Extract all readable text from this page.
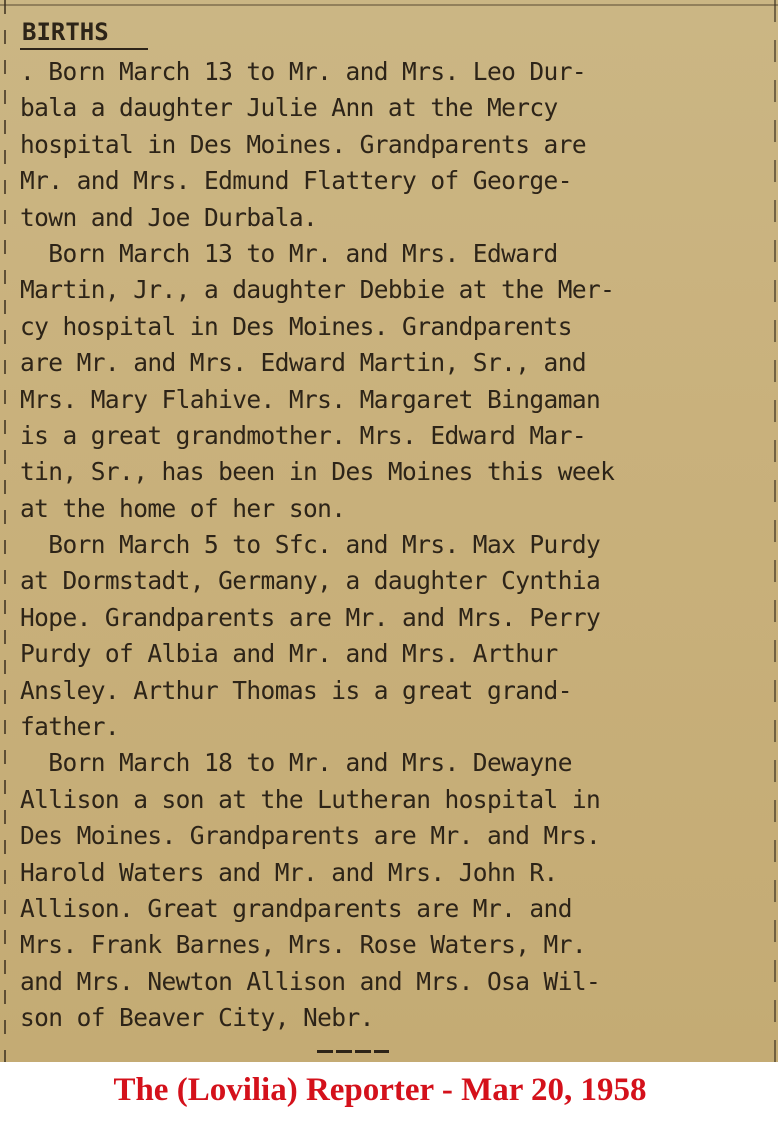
BIRTHS
. Born March 13 to Mr. and Mrs. Leo Dur-
bala a daughter Julie Ann at the Mercy
hospital in Des Moines. Grandparents are
Mr. and Mrs. Edmund Flattery of George-
town and Joe Durbala.
Born March 13 to Mr. and Mrs. Edward
Martin, Jr., a daughter Debbie at the Mer-
cy hospital in Des Moines. Grandparents
are Mr. and Mrs. Edward Martin, Sr., and
Mrs. Mary Flahive. Mrs. Margaret Bingaman
is a great grandmother. Mrs. Edward Mar-
tin, Sr., has been in Des Moines this week
at the home of her son.
Born March 5 to Sfc. and Mrs. Max Purdy
at Dormstadt, Germany, a daughter Cynthia
Hope. Grandparents are Mr. and Mrs. Perry
Purdy of Albia and Mr. and Mrs. Arthur
Ansley. Arthur Thomas is a great grand-
father.
Born March 18 to Mr. and Mrs. Dewayne
Allison a son at the Lutheran hospital in
Des Moines. Grandparents are Mr. and Mrs.
Harold Waters and Mr. and Mrs. John R.
Allison. Great grandparents are Mr. and
Mrs. Frank Barnes, Mrs. Rose Waters, Mr.
and Mrs. Newton Allison and Mrs. Osa Wil-
son of Beaver City, Nebr.

The (Lovilia) Reporter - Mar 20, 1958
